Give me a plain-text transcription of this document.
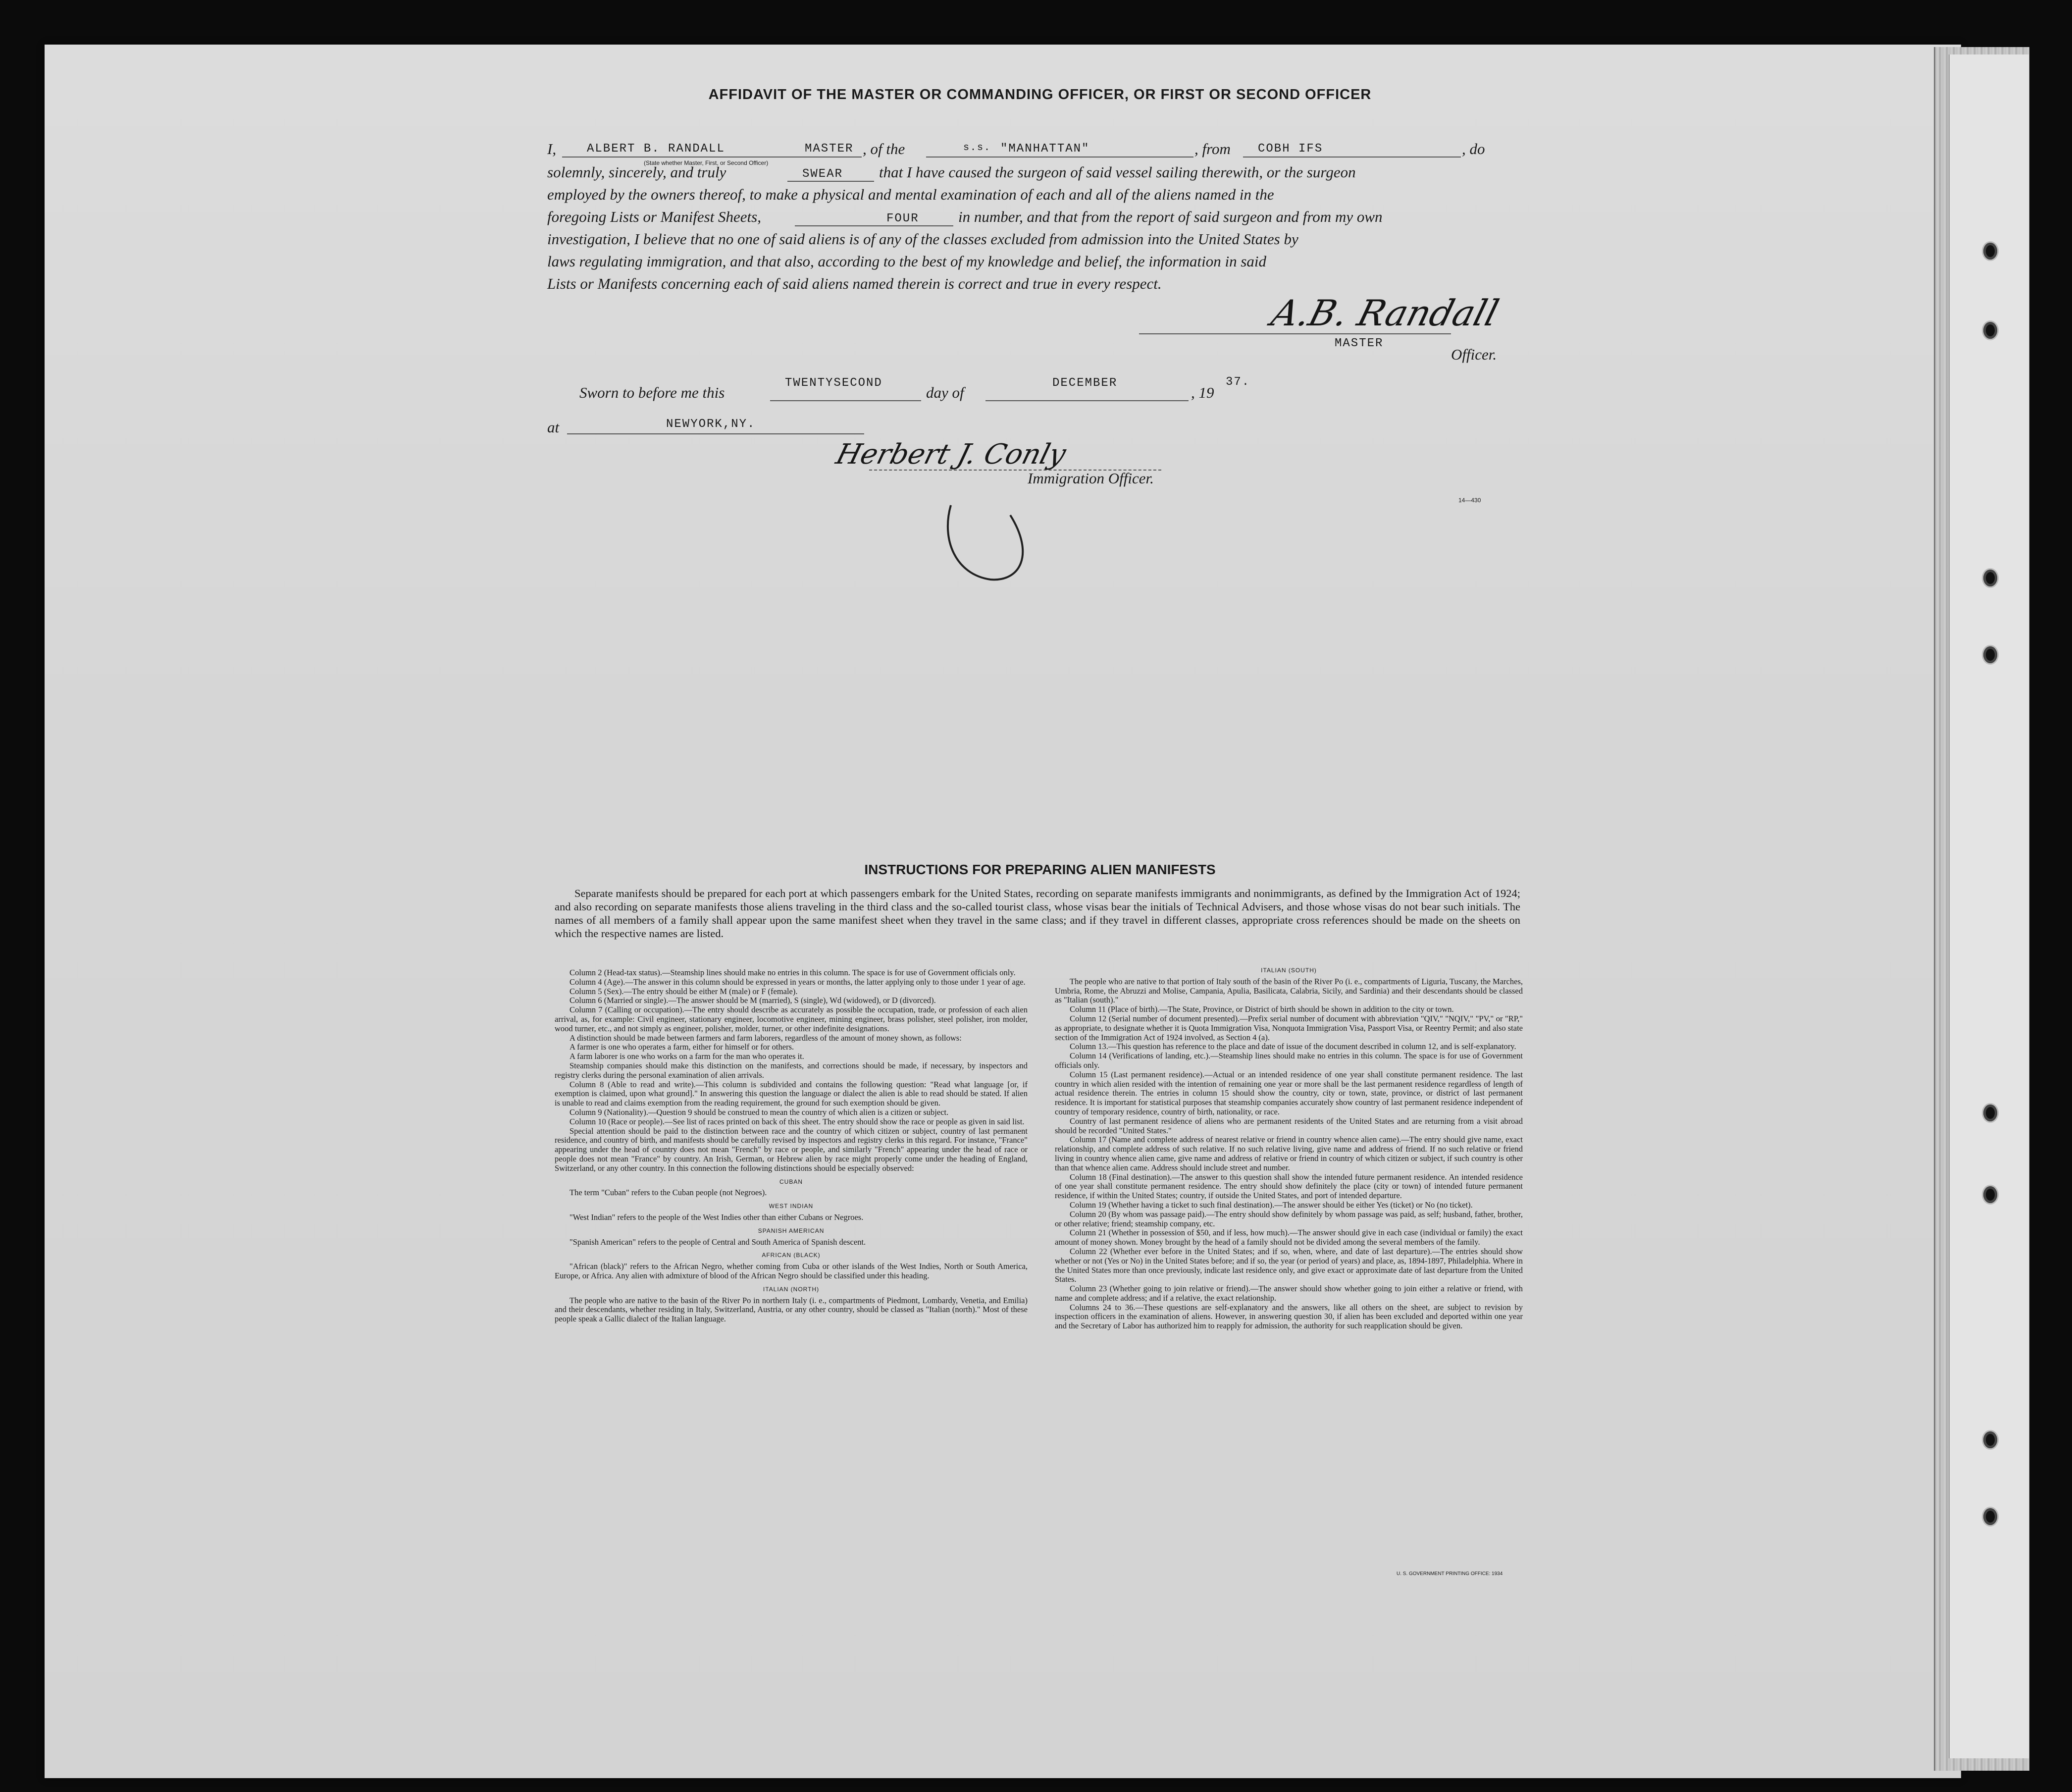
AFFIDAVIT OF THE MASTER OR COMMANDING OFFICER, OR FIRST OR SECOND OFFICER
I,	ALBERT B. RANDALL	MASTER , of the	s.s. "MANHATTAN"	, from COBH IFS	, do
(State whether Master, First, or Second Officer)
solemnly, sincerely, and truly	SWEAR that I have caused the surgeon of said vessel sailing therewith, or the surgeon
employed by the owners thereof, to make a physical and mental examination of each and all of the aliens named in the
foregoing Lists or Manifest Sheets,	FOUR	in number, and that from the report of said surgeon and from my own
investigation, I believe that no one of said aliens is of any of the classes excluded from admission into the United States by
laws regulating immigration, and that also, according to the best of my knowledge and belief, the information in said
Lists or Manifests concerning each of said aliens named therein is correct and true in every respect.
A.B. Randall
MASTER
Officer.
Sworn to before me this
TWENTYSECOND
day of
DECEMBER
, 19
37.
at	NEWYORK,NY.
Herbert J. Conly
Immigration Officer.
14—430
INSTRUCTIONS FOR PREPARING ALIEN MANIFESTS
Separate manifests should be prepared for each port at which passengers embark for the United States, recording on separate manifests immigrants and nonimmigrants, as defined by the Immigration Act of 1924; and also recording on separate manifests those aliens traveling in the third class and the so-called tourist class, whose visas bear the initials of Technical Advisers, and those whose visas do not bear such initials. The names of all members of a family shall appear upon the same manifest sheet when they travel in the same class; and if they travel in different classes, appropriate cross references should be made on the sheets on which the respective names are listed.

Column 2 (Head-tax status).—Steamship lines should make no entries in this column. The space is for use of Government officials only.

Column 4 (Age).—The answer in this column should be expressed in years or months, the latter applying only to those under 1 year of age.

Column 5 (Sex).—The entry should be either M (male) or F (female).

Column 6 (Married or single).—The answer should be M (married), S (single), Wd (widowed), or D (divorced).

Column 7 (Calling or occupation).—The entry should describe as accurately as possible the occupation, trade, or profession of each alien arrival, as, for example: Civil engineer, stationary engineer, locomotive engineer, mining engineer, brass polisher, steel polisher, iron molder, wood turner, etc., and not simply as engineer, polisher, molder, turner, or other indefinite designations.

A distinction should be made between farmers and farm laborers, regardless of the amount of money shown, as follows:

A farmer is one who operates a farm, either for himself or for others.

A farm laborer is one who works on a farm for the man who operates it.

Steamship companies should make this distinction on the manifests, and corrections should be made, if necessary, by inspectors and registry clerks during the personal examination of alien arrivals.

Column 8 (Able to read and write).—This column is subdivided and contains the following question: "Read what language [or, if exemption is claimed, upon what ground]." In answering this question the language or dialect the alien is able to read should be stated. If alien is unable to read and claims exemption from the reading requirement, the ground for such exemption should be given.

Column 9 (Nationality).—Question 9 should be construed to mean the country of which alien is a citizen or subject.

Column 10 (Race or people).—See list of races printed on back of this sheet. The entry should show the race or people as given in said list.

Special attention should be paid to the distinction between race and the country of which citizen or subject, country of last permanent residence, and country of birth, and manifests should be carefully revised by inspectors and registry clerks in this regard. For instance, "France" appearing under the head of country does not mean "French" by race or people, and similarly "French" appearing under the head of race or people does not mean "France" by country. An Irish, German, or Hebrew alien by race might properly come under the heading of England, Switzerland, or any other country. In this connection the following distinctions should be especially observed:

CUBAN

The term "Cuban" refers to the Cuban people (not Negroes).

WEST INDIAN

"West Indian" refers to the people of the West Indies other than either Cubans or Negroes.

SPANISH AMERICAN

"Spanish American" refers to the people of Central and South America of Spanish descent.

AFRICAN (BLACK)

"African (black)" refers to the African Negro, whether coming from Cuba or other islands of the West Indies, North or South America, Europe, or Africa. Any alien with admixture of blood of the African Negro should be classified under this heading.

ITALIAN (NORTH)

The people who are native to the basin of the River Po in northern Italy (i. e., compartments of Piedmont, Lombardy, Venetia, and Emilia) and their descendants, whether residing in Italy, Switzerland, Austria, or any other country, should be classed as "Italian (north)." Most of these people speak a Gallic dialect of the Italian language.

ITALIAN (SOUTH)

The people who are native to that portion of Italy south of the basin of the River Po (i. e., compartments of Liguria, Tuscany, the Marches, Umbria, Rome, the Abruzzi and Molise, Campania, Apulia, Basilicata, Calabria, Sicily, and Sardinia) and their descendants should be classed as "Italian (south)."

Column 11 (Place of birth).—The State, Province, or District of birth should be shown in addition to the city or town.

Column 12 (Serial number of document presented).—Prefix serial number of document with abbreviation "QIV," "NQIV," "PV," or "RP," as appropriate, to designate whether it is Quota Immigration Visa, Nonquota Immigration Visa, Passport Visa, or Reentry Permit; and also state section of the Immigration Act of 1924 involved, as Section 4 (a).

Column 13.—This question has reference to the place and date of issue of the document described in column 12, and is self-explanatory.

Column 14 (Verifications of landing, etc.).—Steamship lines should make no entries in this column. The space is for use of Government officials only.

Column 15 (Last permanent residence).—Actual or an intended residence of one year shall constitute permanent residence. The last country in which alien resided with the intention of remaining one year or more shall be the last permanent residence regardless of length of actual residence therein. The entries in column 15 should show the country, city or town, state, province, or district of last permanent residence. It is important for statistical purposes that steamship companies accurately show country of last permanent residence independent of country of temporary residence, country of birth, nationality, or race.

Country of last permanent residence of aliens who are permanent residents of the United States and are returning from a visit abroad should be recorded "United States."

Column 17 (Name and complete address of nearest relative or friend in country whence alien came).—The entry should give name, exact relationship, and complete address of such relative. If no such relative living, give name and address of friend. If no such relative or friend living in country whence alien came, give name and address of relative or friend in country of which citizen or subject, if such country is other than that whence alien came. Address should include street and number.

Column 18 (Final destination).—The answer to this question shall show the intended future permanent residence. An intended residence of one year shall constitute permanent residence. The entry should show definitely the place (city or town) of intended future permanent residence, if within the United States; country, if outside the United States, and port of intended departure.

Column 19 (Whether having a ticket to such final destination).—The answer should be either Yes (ticket) or No (no ticket).

Column 20 (By whom was passage paid).—The entry should show definitely by whom passage was paid, as self; husband, father, brother, or other relative; friend; steamship company, etc.

Column 21 (Whether in possession of $50, and if less, how much).—The answer should give in each case (individual or family) the exact amount of money shown. Money brought by the head of a family should not be divided among the several members of the family.

Column 22 (Whether ever before in the United States; and if so, when, where, and date of last departure).—The entries should show whether or not (Yes or No) in the United States before; and if so, the year (or period of years) and place, as, 1894-1897, Philadelphia. Where in the United States more than once previously, indicate last residence only, and give exact or approximate date of last departure from the United States.

Column 23 (Whether going to join relative or friend).—The answer should show whether going to join either a relative or friend, with name and complete address; and if a relative, the exact relationship.

Columns 24 to 36.—These questions are self-explanatory and the answers, like all others on the sheet, are subject to revision by inspection officers in the examination of aliens. However, in answering question 30, if alien has been excluded and deported within one year and the Secretary of Labor has authorized him to reapply for admission, the authority for such reapplication should be given.

U. S. GOVERNMENT PRINTING OFFICE: 1934
